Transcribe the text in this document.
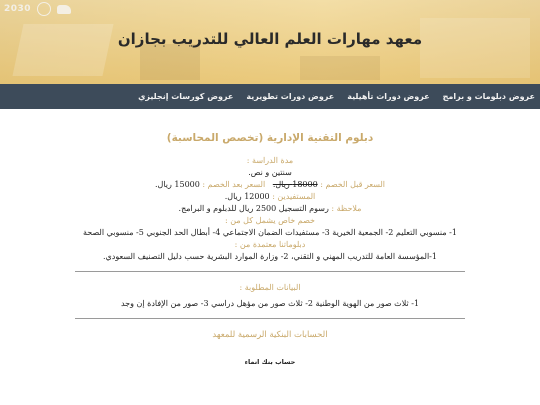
2030
معهد مهارات العلم العالي للتدريب بجازان
عروض دبلومات و برامج
عروض دورات تأهيلية
عروض دورات تطويرية
عروض كورسات إنجليزي
دبلوم التقنية الإدارية (تخصص المحاسبة)

مدة الدراسة :

سنتين و نص.

السعر قبل الخصم : 18000 ريال.   السعر بعد الخصم : 15000 ريال.

المستفيدين : 12000 ريال.

ملاحظة : رسوم التسجيل 2500 ريال للدبلوم و البرامج.

خصم خاص يشمل كل من :

1- منسوبي التعليم 2- الجمعية الخيرية 3- مستفيدات الضمان الاجتماعي 4- أبطال الحد الجنوبي 5- منسوبي الصحة

دبلوماتنا معتمدة من :

1-المؤسسة العامة للتدريب المهني و التقني، 2- وزارة الموارد البشرية حسب دليل التصنيف السعودي.

البيانات المطلوبة :

1- ثلاث صور من الهوية الوطنية 2- ثلاث صور من مؤهل دراسي 3- صور من الإفادة إن وجد

الحسابات البنكية الرسمية للمعهد

حساب بنك انماء
